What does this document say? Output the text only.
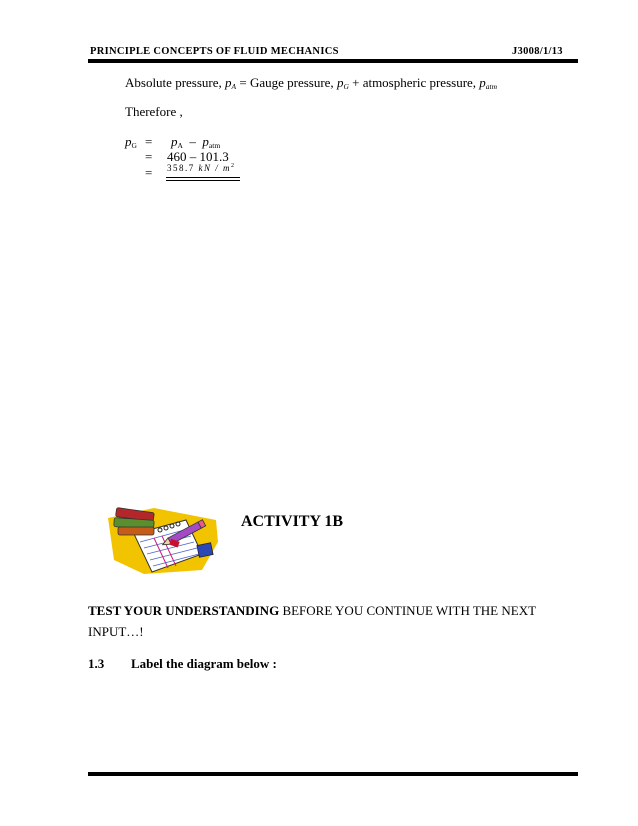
PRINCIPLE CONCEPTS OF FLUID MECHANICS	J3008/1/13
Absolute pressure, $p_A$ = Gauge pressure, $p_G$ + atmospheric pressure, $p_{atm}$
Therefore ,
$p_G = p_A - p_{atm}$
= 460 – 101.3
= 358.7 kN / $m^2$
ACTIVITY 1B
TEST YOUR UNDERSTANDING BEFORE YOU CONTINUE WITH THE NEXT
INPUT…!
1.3 Label the diagram below :
